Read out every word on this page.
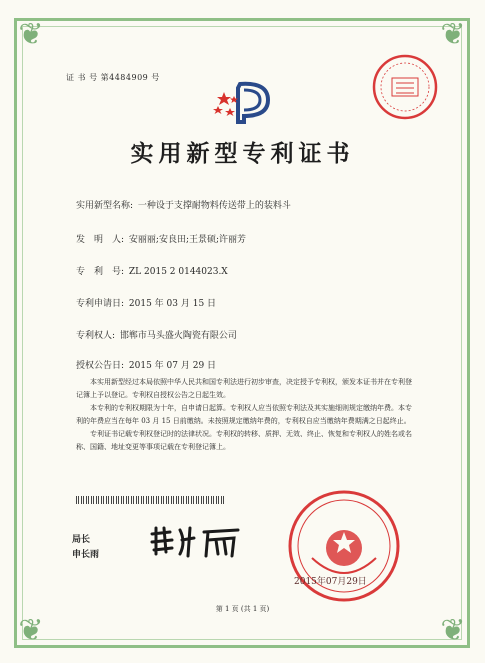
❦	❦
❦	❦
证 书 号 第4484909 号
实用新型专利证书
实用新型名称: 一种设于支撑耐物料传送带上的装料斗
发　明　人: 安丽丽;安良田;王景硕;许丽芳
专　利　号: ZL 2015 2 0144023.X
专利申请日: 2015 年 03 月 15 日
专利权人: 邯郸市马头盛火陶瓷有限公司
授权公告日: 2015 年 07 月 29 日

本实用新型经过本局依照中华人民共和国专利法进行初步审查，决定授予专利权，颁发本证书并在专利登记簿上予以登记。专利权自授权公告之日起生效。

本专利的专利权期限为十年，自申请日起算。专利权人应当依照专利法及其实施细则规定缴纳年费。本专利的年费应当在每年 03 月 15 日前缴纳。未按照规定缴纳年费的，专利权自应当缴纳年费期满之日起终止。

专利证书记载专利权登记时的法律状况。专利权的转移、质押、无效、终止、恢复和专利权人的姓名或名称、国籍、地址变更等事项记载在专利登记簿上。

局长
申长雨
2015年07月29日
第 1 页 (共 1 页)
